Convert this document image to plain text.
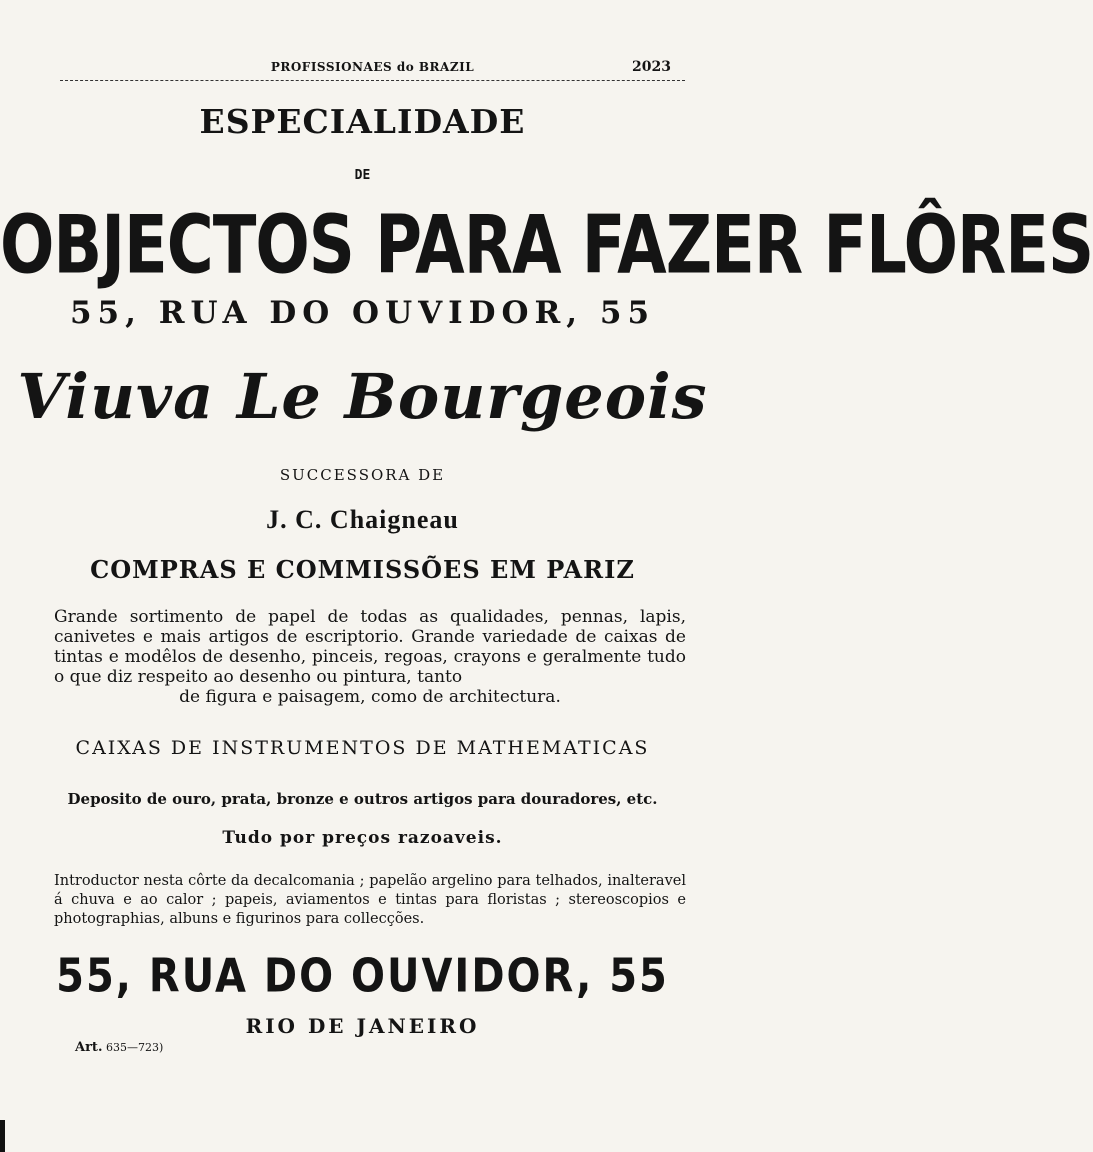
PROFISSIONAES do BRAZIL	2023
ESPECIALIDADE
DE
OBJECTOS PARA FAZER FLÔRES
55, RUA DO OUVIDOR, 55
Viuva Le Bourgeois
SUCCESSORA DE
J. C. Chaigneau
COMPRAS E COMMISSÕES EM PARIZ
Grande sortimento de papel de todas as qualidades, pennas, lapis, canivetes e mais artigos de escriptorio. Grande variedade de caixas de tintas e modêlos de desenho, pinceis, regoas, crayons e geralmente tudo o que diz respeito ao desenho ou pintura, tanto
de figura e paisagem, como de architectura.
CAIXAS DE INSTRUMENTOS DE MATHEMATICAS
Deposito de ouro, prata, bronze e outros artigos para douradores, etc.
Tudo por preços razoaveis.
Introductor nesta côrte da decalcomania ; papelão argelino para telhados, inalteravel á chuva e ao calor ; papeis, aviamentos e tintas para floristas ; stereoscopios e photographias, albuns e figurinos para collecções.
55, RUA DO OUVIDOR, 55
RIO DE JANEIRO
Art. 635—723)
